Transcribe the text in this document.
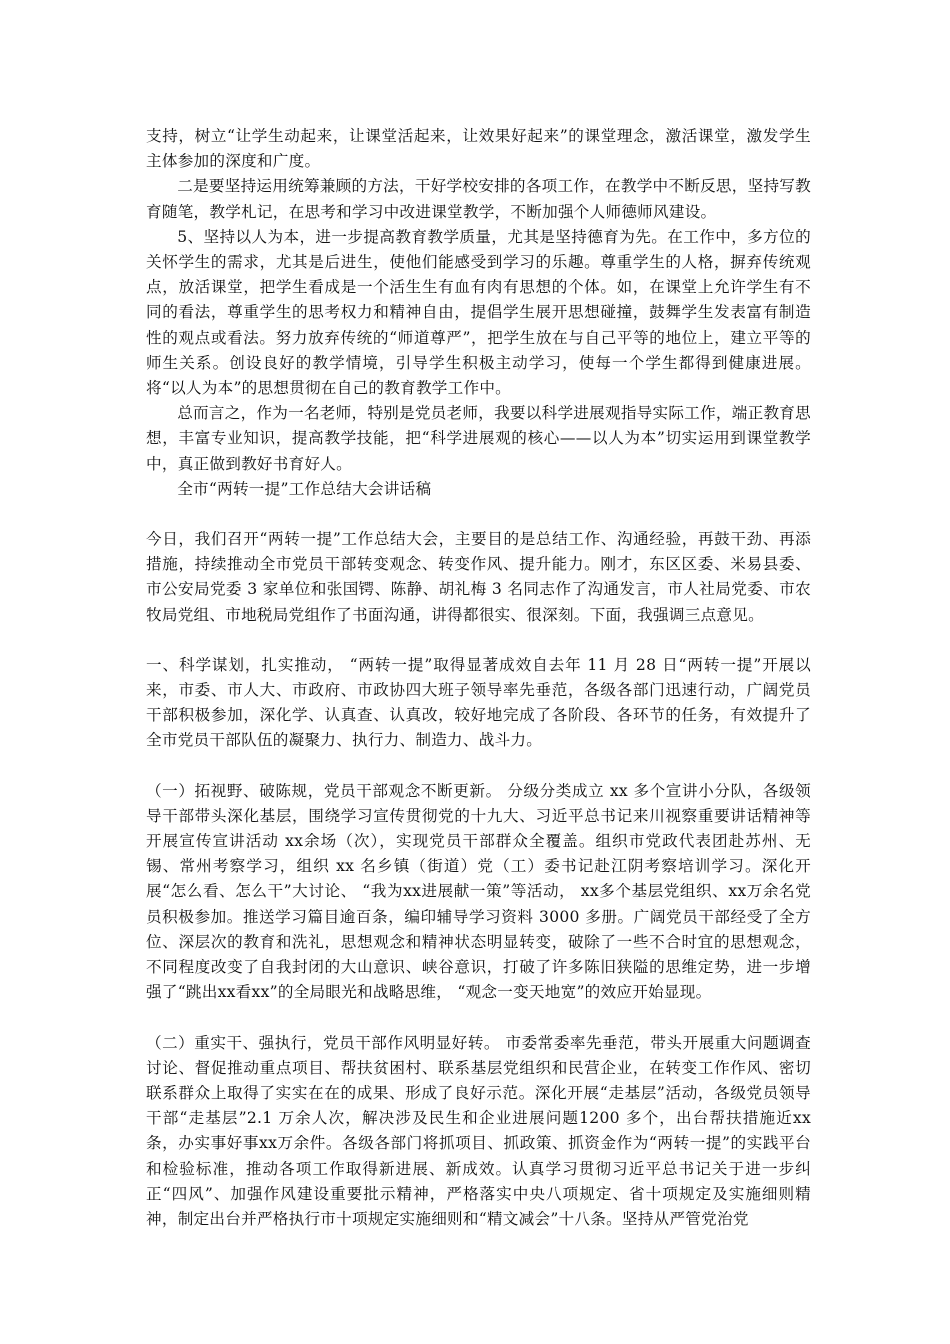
支持，树立“让学生动起来，让课堂活起来，让效果好起来”的课堂理念，激活课堂，激发学生主体参加的深度和广度。

二是要坚持运用统筹兼顾的方法，干好学校安排的各项工作，在教学中不断反思，坚持写教育随笔，教学札记，在思考和学习中改进课堂教学，不断加强个人师德师风建设。

5、坚持以人为本，进一步提高教育教学质量，尤其是坚持德育为先。在工作中，多方位的关怀学生的需求，尤其是后进生，使他们能感受到学习的乐趣。尊重学生的人格，摒弃传统观点，放活课堂，把学生看成是一个活生生有血有肉有思想的个体。如，在课堂上允许学生有不同的看法，尊重学生的思考权力和精神自由，提倡学生展开思想碰撞，鼓舞学生发表富有制造性的观点或看法。努力放弃传统的“师道尊严”，把学生放在与自己平等的地位上，建立平等的师生关系。创设良好的教学情境，引导学生积极主动学习，使每一个学生都得到健康进展。将“以人为本”的思想贯彻在自己的教育教学工作中。

总而言之，作为一名老师，特别是党员老师，我要以科学进展观指导实际工作，端正教育思想，丰富专业知识，提高教学技能，把“科学进展观的核心——以人为本”切实运用到课堂教学中，真正做到教好书育好人。

全市“两转一提”工作总结大会讲话稿

今日，我们召开“两转一提”工作总结大会，主要目的是总结工作、沟通经验，再鼓干劲、再添措施，持续推动全市党员干部转变观念、转变作风、提升能力。刚才，东区区委、米易县委、市公安局党委 3 家单位和张国锷、陈静、胡礼梅 3 名同志作了沟通发言，市人社局党委、市农牧局党组、市地税局党组作了书面沟通，讲得都很实、很深刻。下面，我强调三点意见。

一、科学谋划，扎实推动， “两转一提”取得显著成效自去年 11 月 28 日“两转一提”开展以来，市委、市人大、市政府、市政协四大班子领导率先垂范，各级各部门迅速行动，广阔党员干部积极参加，深化学、认真查、认真改，较好地完成了各阶段、各环节的任务，有效提升了全市党员干部队伍的凝聚力、执行力、制造力、战斗力。

（一）拓视野、破陈规，党员干部观念不断更新。 分级分类成立 xx 多个宣讲小分队，各级领导干部带头深化基层，围绕学习宣传贯彻党的十九大、习近平总书记来川视察重要讲话精神等开展宣传宣讲活动 xx余场（次），实现党员干部群众全覆盖。组织市党政代表团赴苏州、无锡、常州考察学习，组织 xx 名乡镇（街道）党（工）委书记赴江阴考察培训学习。深化开展“怎么看、怎么干”大讨论、 “我为xx进展献一策”等活动， xx多个基层党组织、xx万余名党员积极参加。推送学习篇目逾百条，编印辅导学习资料 3000 多册。广阔党员干部经受了全方位、深层次的教育和洗礼，思想观念和精神状态明显转变，破除了一些不合时宜的思想观念，不同程度改变了自我封闭的大山意识、峡谷意识，打破了许多陈旧狭隘的思维定势，进一步增强了“跳出xx看xx”的全局眼光和战略思维， “观念一变天地宽”的效应开始显现。

（二）重实干、强执行，党员干部作风明显好转。 市委常委率先垂范，带头开展重大问题调查讨论、督促推动重点项目、帮扶贫困村、联系基层党组织和民营企业，在转变工作作风、密切联系群众上取得了实实在在的成果、形成了良好示范。深化开展“走基层”活动，各级党员领导干部“走基层”2.1 万余人次，解决涉及民生和企业进展问题1200 多个，出台帮扶措施近xx条，办实事好事xx万余件。各级各部门将抓项目、抓政策、抓资金作为“两转一提”的实践平台和检验标准，推动各项工作取得新进展、新成效。认真学习贯彻习近平总书记关于进一步纠正“四风”、加强作风建设重要批示精神，严格落实中央八项规定、省十项规定及实施细则精神，制定出台并严格执行市十项规定实施细则和“精文减会”十八条。坚持从严管党治党
